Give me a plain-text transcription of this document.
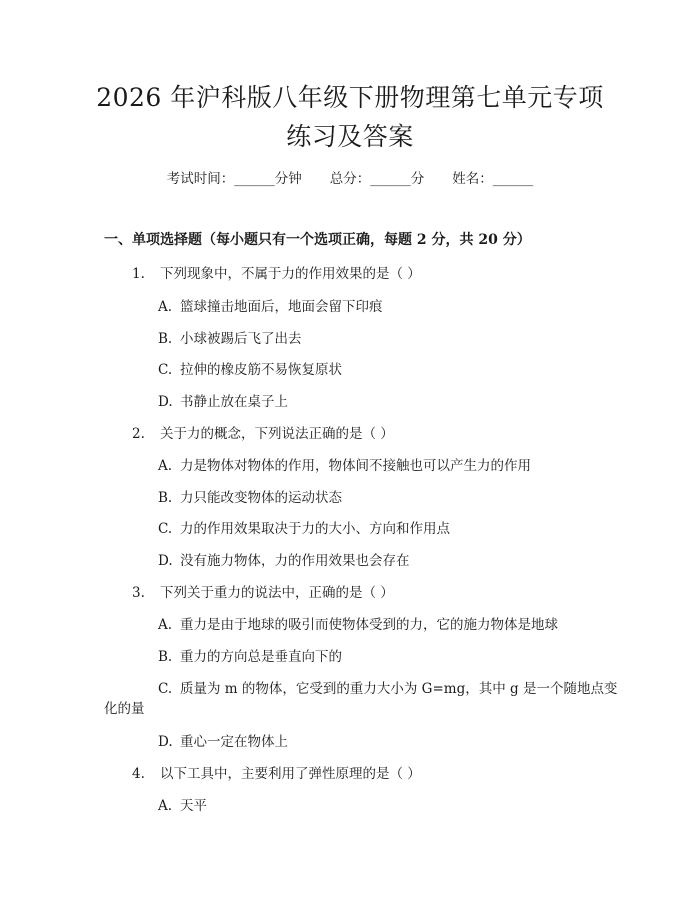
2026 年沪科版八年级下册物理第七单元专项
练习及答案
考试时间：______分钟 总分：______分 姓名：______
一、单项选择题（每小题只有一个选项正确，每题 2 分，共 20 分）
1. 下列现象中，不属于力的作用效果的是（ ）
A. 篮球撞击地面后，地面会留下印痕
B. 小球被踢后飞了出去
C. 拉伸的橡皮筋不易恢复原状
D. 书静止放在桌子上
2. 关于力的概念，下列说法正确的是（ ）
A. 力是物体对物体的作用，物体间不接触也可以产生力的作用
B. 力只能改变物体的运动状态
C. 力的作用效果取决于力的大小、方向和作用点
D. 没有施力物体，力的作用效果也会存在
3. 下列关于重力的说法中，正确的是（ ）
A. 重力是由于地球的吸引而使物体受到的力，它的施力物体是地球
B. 重力的方向总是垂直向下的
C. 质量为 m 的物体，它受到的重力大小为 G=mg，其中 g 是一个随地点变
化的量
D. 重心一定在物体上
4. 以下工具中，主要利用了弹性原理的是（ ）
A. 天平
